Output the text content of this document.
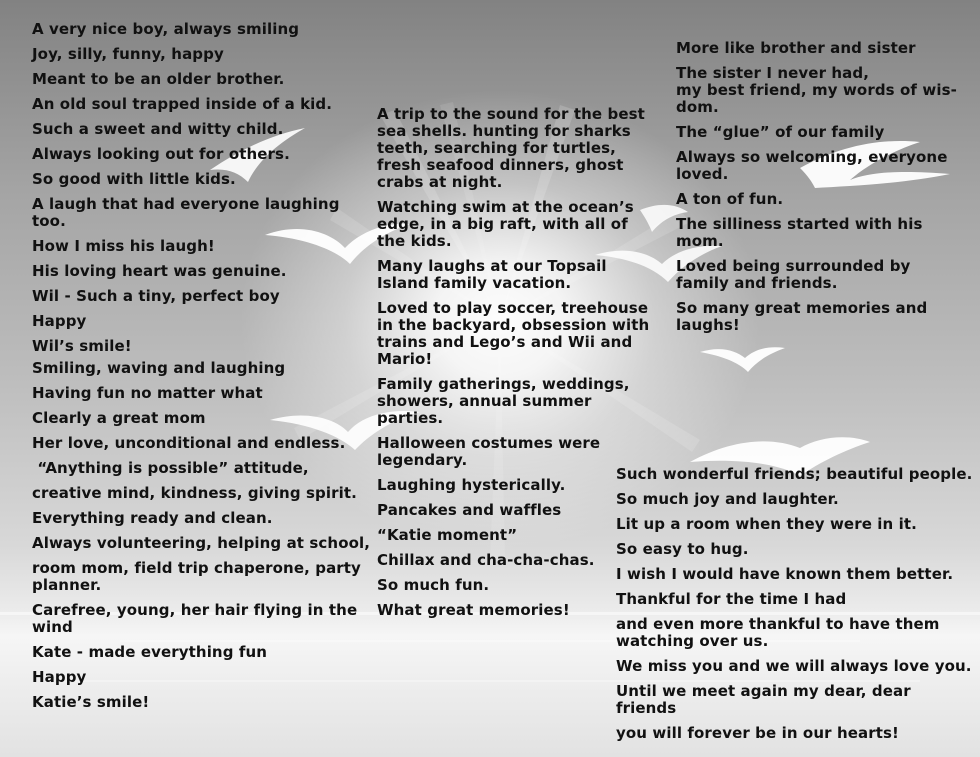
A very nice boy, always smiling
Joy, silly, funny, happy
Meant to be an older brother.
An old soul trapped inside of a kid.
Such a sweet and witty child.
Always looking out for others.
So good with little kids.
A laugh that had everyone laughing too.
How I miss his laugh!
His loving heart was genuine.
Wil - Such a tiny, perfect boy
Happy
Wil’s smile!
Smiling, waving and laughing
Having fun no matter what
Clearly a great mom
Her love, unconditional and endless.
“Anything is possible” attitude,
creative mind, kindness, giving spirit.
Everything ready and clean.
Always volunteering, helping at school,
room mom, field trip chaperone, party planner.
Carefree, young, her hair flying in the wind
Kate - made everything fun
Happy
Katie’s smile!
A trip to the sound for the best sea shells. hunting for sharks teeth, searching for turtles, fresh seafood dinners, ghost crabs at night.
Watching swim at the ocean’s edge, in a big raft, with all of the kids.
Many laughs at our Topsail Island family vacation.
Loved to play soccer, treehouse in the backyard, obsession with trains and Lego’s and Wii and Mario!
Family gatherings, weddings, showers, annual summer parties.
Halloween costumes were legendary.
Laughing hysterically.
Pancakes and waffles
“Katie moment”
Chillax and cha-cha-chas.
So much fun.
What great memories!
More like brother and sister
The sister I never had,
my best friend, my words of wis-dom.
The “glue” of our family
Always so welcoming, everyone loved.
A ton of fun.
The silliness started with his mom.
Loved being surrounded by family and friends.
So many great memories and laughs!
Such wonderful friends; beautiful people.
So much joy and laughter.
Lit up a room when they were in it.
So easy to hug.
I wish I would have known them better.
Thankful for the time I had
and even more thankful to have them watching over us.
We miss you and we will always love you.
Until we meet again my dear, dear friends
you will forever be in our hearts!
